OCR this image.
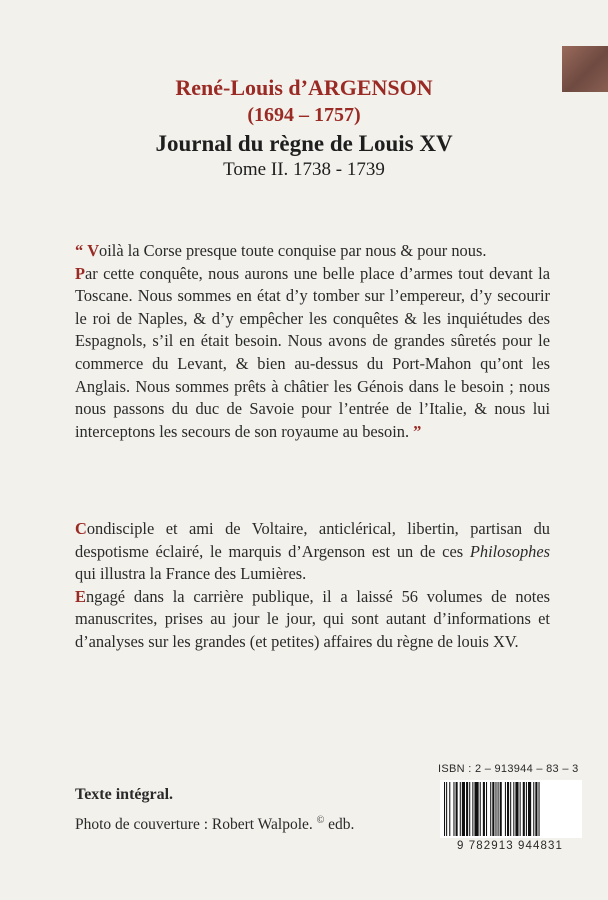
René-Louis d’ARGENSON
(1694 – 1757)
Journal du règne de Louis XV
Tome II. 1738 - 1739
“ Voilà la Corse presque toute conquise par nous & pour nous.
Par cette conquête, nous aurons une belle place d’armes tout devant la Toscane. Nous sommes en état d’y tomber sur l’empereur, d’y secourir le roi de Naples, & d’y empêcher les conquêtes & les inquiétudes des Espagnols, s’il en était besoin. Nous avons de grandes sûretés pour le commerce du Levant, & bien au-dessus du Port-Mahon qu’ont les Anglais. Nous sommes prêts à châtier les Génois dans le besoin ; nous nous passons du duc de Savoie pour l’entrée de l’Italie, & nous lui interceptons les secours de son royaume au besoin. ”

Condisciple et ami de Voltaire, anticlérical, libertin, partisan du despotisme éclairé, le marquis d’Argenson est un de ces Philosophes qui illustra la France des Lumières.

Engagé dans la carrière publique, il a laissé 56 volumes de notes manuscrites, prises au jour le jour, qui sont autant d’informations et d’analyses sur les grandes (et petites) affaires du règne de louis XV.

ISBN : 2 – 913944 – 83 – 3
9 782913 944831
Texte intégral.
Photo de couverture : Robert Walpole. © edb.
